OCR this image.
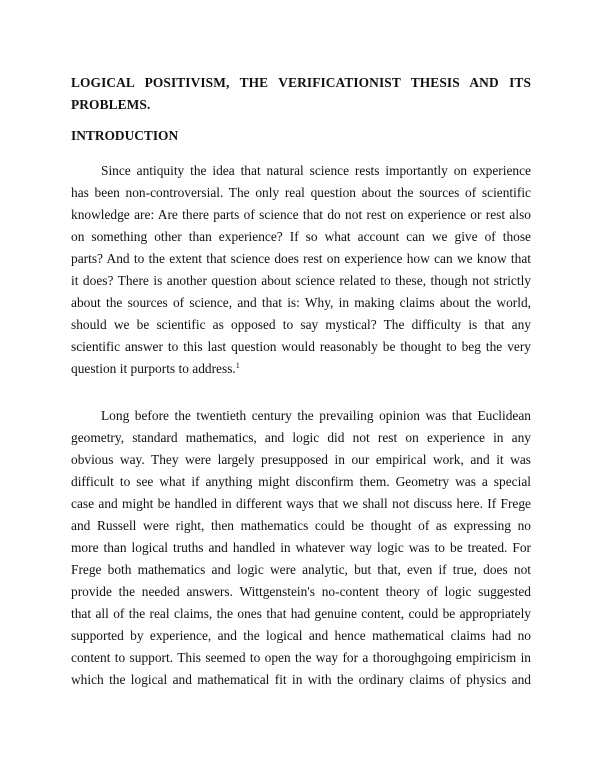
LOGICAL POSITIVISM, THE VERIFICATIONIST THESIS AND ITS
PROBLEMS.
INTRODUCTION

Since antiquity the idea that natural science rests importantly on experience
has been non-controversial. The only real question about the sources of scientific
knowledge are: Are there parts of science that do not rest on experience or rest also
on something other than experience? If so what account can we give of those
parts? And to the extent that science does rest on experience how can we know that
it does? There is another question about science related to these, though not strictly
about the sources of science, and that is: Why, in making claims about the world,
should we be scientific as opposed to say mystical? The difficulty is that any
scientific answer to this last question would reasonably be thought to beg the very
question it purports to address.$^1$

Long before the twentieth century the prevailing opinion was that Euclidean
geometry, standard mathematics, and logic did not rest on experience in any
obvious way. They were largely presupposed in our empirical work, and it was
difficult to see what if anything might disconfirm them. Geometry was a special
case and might be handled in different ways that we shall not discuss here. If Frege
and Russell were right, then mathematics could be thought of as expressing no
more than logical truths and handled in whatever way logic was to be treated. For
Frege both mathematics and logic were analytic, but that, even if true, does not
provide the needed answers. Wittgenstein's no-content theory of logic suggested
that all of the real claims, the ones that had genuine content, could be appropriately
supported by experience, and the logical and hence mathematical claims had no
content to support. This seemed to open the way for a thoroughgoing empiricism in
which the logical and mathematical fit in with the ordinary claims of physics and
